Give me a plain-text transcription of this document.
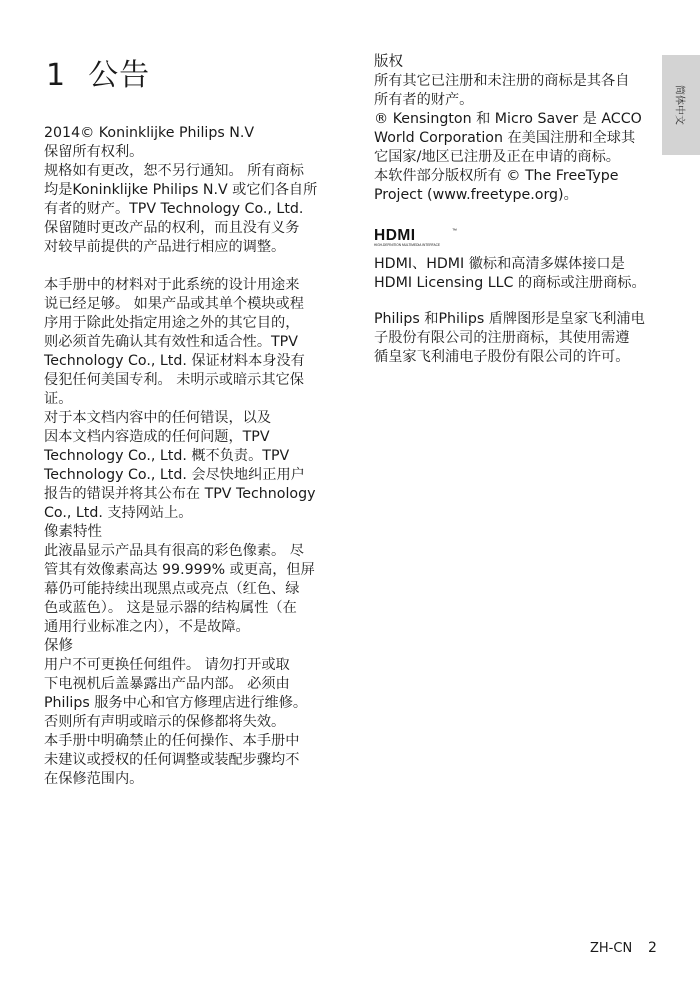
1 公告
简体中文

2014© Koninklijke Philips N.V
保留所有权利。
规格如有更改，恕不另行通知。 所有商标
均是Koninklijke Philips N.V 或它们各自所
有者的财产。TPV Technology Co., Ltd.
保留随时更改产品的权利，而且没有义务
对较早前提供的产品进行相应的调整。

本手册中的材料对于此系统的设计用途来
说已经足够。 如果产品或其单个模块或程
序用于除此处指定用途之外的其它目的，
则必须首先确认其有效性和适合性。TPV
Technology Co., Ltd. 保证材料本身没有
侵犯任何美国专利。 未明示或暗示其它保
证。
对于本文档内容中的任何错误，以及
因本文档内容造成的任何问题，TPV
Technology Co., Ltd. 概不负责。TPV
Technology Co., Ltd. 会尽快地纠正用户
报告的错误并将其公布在 TPV Technology
Co., Ltd. 支持网站上。

像素特性

此液晶显示产品具有很高的彩色像素。 尽
管其有效像素高达 99.999% 或更高，但屏
幕仍可能持续出现黑点或亮点（红色、绿
色或蓝色）。 这是显示器的结构属性（在
通用行业标准之内），不是故障。

保修

用户不可更换任何组件。 请勿打开或取
下电视机后盖暴露出产品内部。 必须由
Philips 服务中心和官方修理店进行维修。
否则所有声明或暗示的保修都将失效。
本手册中明确禁止的任何操作、本手册中
未建议或授权的任何调整或装配步骤均不
在保修范围内。

版权

所有其它已注册和未注册的商标是其各自
所有者的财产。
® Kensington 和 Micro Saver 是 ACCO
World Corporation 在美国注册和全球其
它国家/地区已注册及正在申请的商标。
本软件部分版权所有 © The FreeType
Project (www.freetype.org)。

HDMI	™
HIGH-DEFINITION MULTIMEDIA INTERFACE

HDMI、HDMI 徽标和高清多媒体接口是
HDMI Licensing LLC 的商标或注册商标。

Philips 和Philips 盾牌图形是皇家飞利浦电
子股份有限公司的注册商标，其使用需遵
循皇家飞利浦电子股份有限公司的许可。

ZH-CN 2
